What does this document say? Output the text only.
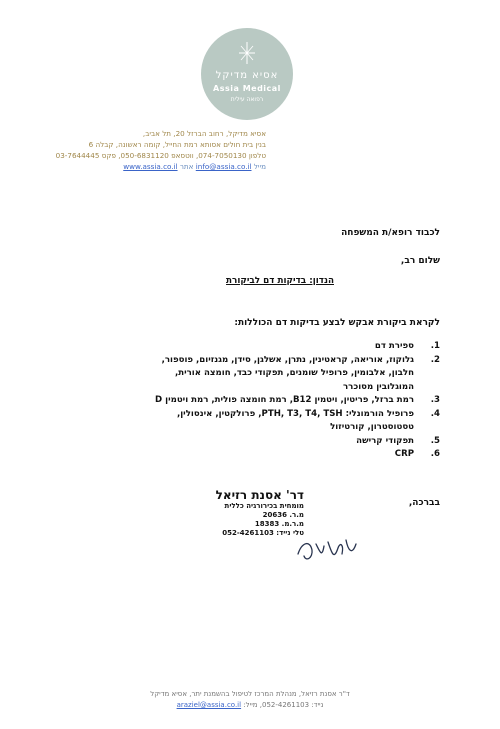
אסיא מדיקל
Assia Medical
רפואה עילית
אסיא מדיקל, רחוב הברזל 20, תל אביב,
בנין בית חולים אסותא רמת החייל, קומה ראשונה, קבלה 6
טלפון 074-7050130, ווטסאפ 050-6831120, פקס 03-7644445
מייל info@assia.co.il אתר www.assia.co.il
לכבוד רופא/ת המשפחה
שלום רב,
הנדון: בדיקות דם לביקורת
לקראת ביקורת אבקש לבצע בדיקות דם הכוללות:
1.
ספירת דם
2.
גלוקוז, אוריאה, קראטינין, נתרן, אשלגן, סידן, מגנזיום, פוספור, חלבון, אלבומין, פרופיל שומנים, תפקודי כבד, חומצה אורית, המוגלובין מסוכרר
3.
רמת ברזל, פריטין, ויטמין B12, רמת חומצה פולית, רמת ויטמין D
4.
פרופיל הורמונלי: PTH, T3, T4, TSH, פרולקטין, אינסולין, טסטוסטרון, קורטיזול
5.
תפקודי קרישה
6.
CRP
בברכה,
דר' אסנת רזיאל
מומחית בכירורגיה כללית
מ.ר. 20636
מ.ר.מ. 18383
טלי נייד: 052-4261103
ד"ר אסנת רזיאל, מנהלת המרכז לטיפול בהשמנת יתר, אסיא מדיקל
נייד: 052-4261103, מייל: araziel@assia.co.il
